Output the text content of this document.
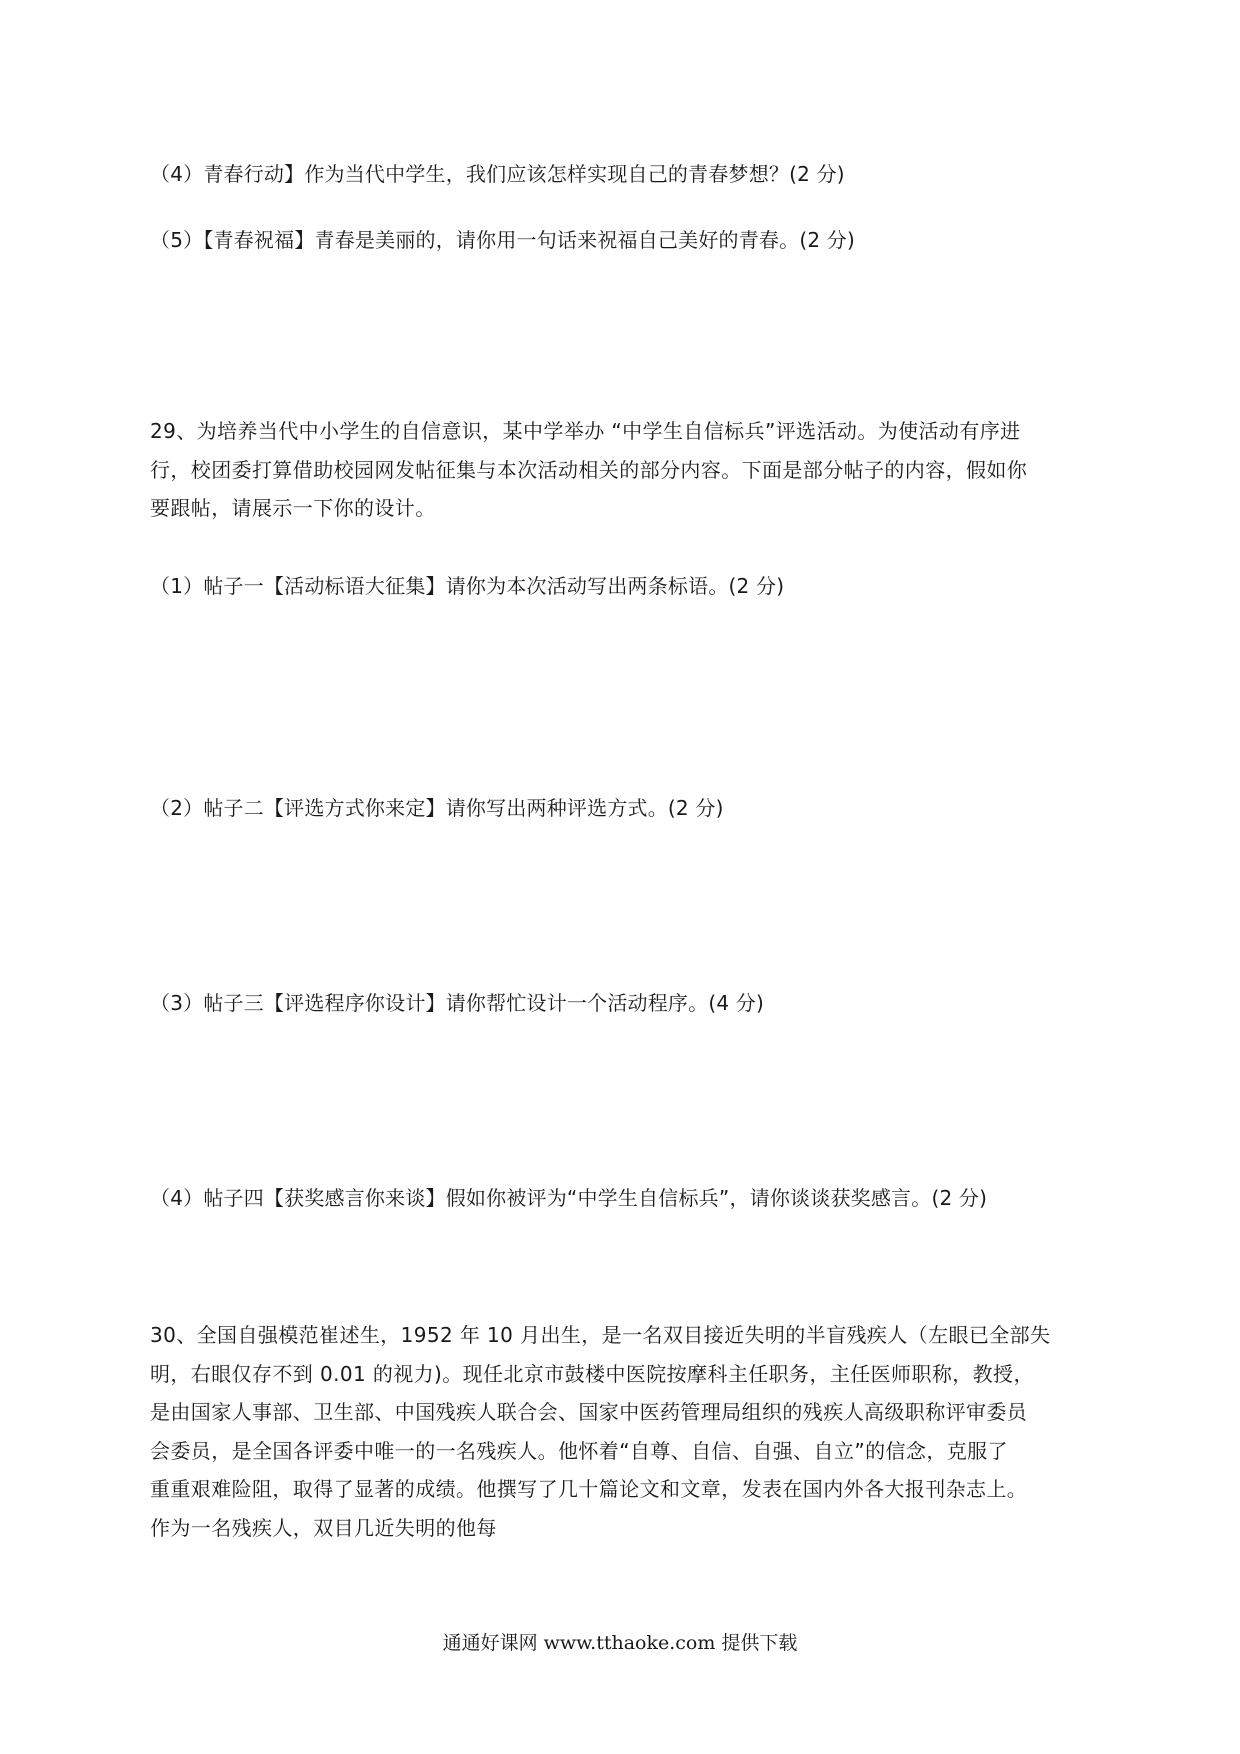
（4）青春行动】作为当代中学生，我们应该怎样实现自己的青春梦想？(2 分)
（5）【青春祝福】青春是美丽的，请你用一句话来祝福自己美好的青春。(2 分)
29、为培养当代中小学生的自信意识，某中学举办 “中学生自信标兵”评选活动。为使活动有序进
行，校团委打算借助校园网发帖征集与本次活动相关的部分内容。下面是部分帖子的内容，假如你
要跟帖，请展示一下你的设计。
（1）帖子一【活动标语大征集】请你为本次活动写出两条标语。(2 分)
（2）帖子二【评选方式你来定】请你写出两种评选方式。(2 分)
（3）帖子三【评选程序你设计】请你帮忙设计一个活动程序。(4 分)
（4）帖子四【获奖感言你来谈】假如你被评为“中学生自信标兵”，请你谈谈获奖感言。(2 分)
30、全国自强模范崔述生，1952 年 10 月出生，是一名双目接近失明的半盲残疾人（左眼已全部失
明，右眼仅存不到 0.01 的视力)。现任北京市鼓楼中医院按摩科主任职务，主任医师职称，教授，
是由国家人事部、卫生部、中国残疾人联合会、国家中医药管理局组织的残疾人高级职称评审委员
会委员，是全国各评委中唯一的一名残疾人。他怀着“自尊、自信、自强、自立”的信念，克服了
重重艰难险阻，取得了显著的成绩。他撰写了几十篇论文和文章，发表在国内外各大报刊杂志上。
作为一名残疾人，双目几近失明的他每
通通好课网 www.tthaoke.com 提供下载
